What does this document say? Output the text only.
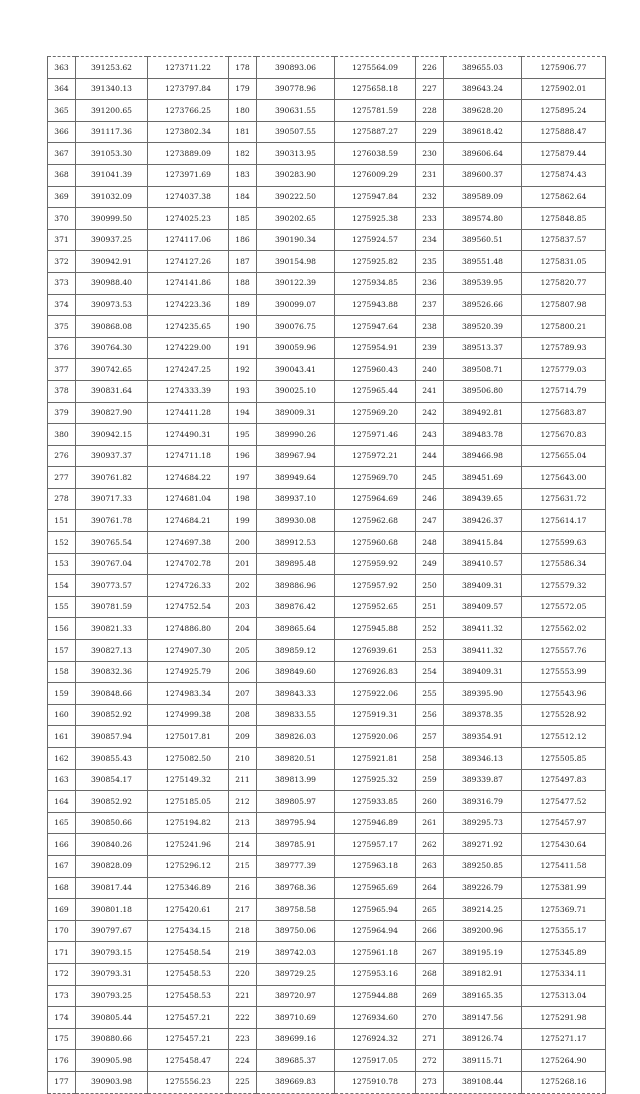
363	391253.62	1273711.22	178	390893.06	1275564.09	226	389655.03	1275906.77
364	391340.13	1273797.84	179	390778.96	1275658.18	227	389643.24	1275902.01
365	391200.65	1273766.25	180	390631.55	1275781.59	228	389628.20	1275895.24
366	391117.36	1273802.34	181	390507.55	1275887.27	229	389618.42	1275888.47
367	391053.30	1273889.09	182	390313.95	1276038.59	230	389606.64	1275879.44
368	391041.39	1273971.69	183	390283.90	1276009.29	231	389600.37	1275874.43
369	391032.09	1274037.38	184	390222.50	1275947.84	232	389589.09	1275862.64
370	390999.50	1274025.23	185	390202.65	1275925.38	233	389574.80	1275848.85
371	390937.25	1274117.06	186	390190.34	1275924.57	234	389560.51	1275837.57
372	390942.91	1274127.26	187	390154.98	1275925.82	235	389551.48	1275831.05
373	390988.40	1274141.86	188	390122.39	1275934.85	236	389539.95	1275820.77
374	390973.53	1274223.36	189	390099.07	1275943.88	237	389526.66	1275807.98
375	390868.08	1274235.65	190	390076.75	1275947.64	238	389520.39	1275800.21
376	390764.30	1274229.00	191	390059.96	1275954.91	239	389513.37	1275789.93
377	390742.65	1274247.25	192	390043.41	1275960.43	240	389508.71	1275779.03
378	390831.64	1274333.39	193	390025.10	1275965.44	241	389506.80	1275714.79
379	390827.90	1274411.28	194	389009.31	1275969.20	242	389492.81	1275683.87
380	390942.15	1274490.31	195	389990.26	1275971.46	243	389483.78	1275670.83
276	390937.37	1274711.18	196	389967.94	1275972.21	244	389466.98	1275655.04
277	390761.82	1274684.22	197	389949.64	1275969.70	245	389451.69	1275643.00
278	390717.33	1274681.04	198	389937.10	1275964.69	246	389439.65	1275631.72
151	390761.78	1274684.21	199	389930.08	1275962.68	247	389426.37	1275614.17
152	390765.54	1274697.38	200	389912.53	1275960.68	248	389415.84	1275599.63
153	390767.04	1274702.78	201	389895.48	1275959.92	249	389410.57	1275586.34
154	390773.57	1274726.33	202	389886.96	1275957.92	250	389409.31	1275579.32
155	390781.59	1274752.54	203	389876.42	1275952.65	251	389409.57	1275572.05
156	390821.33	1274886.80	204	389865.64	1275945.88	252	389411.32	1275562.02
157	390827.13	1274907.30	205	389859.12	1276939.61	253	389411.32	1275557.76
158	390832.36	1274925.79	206	389849.60	1276926.83	254	389409.31	1275553.99
159	390848.66	1274983.34	207	389843.33	1275922.06	255	389395.90	1275543.96
160	390852.92	1274999.38	208	389833.55	1275919.31	256	389378.35	1275528.92
161	390857.94	1275017.81	209	389826.03	1275920.06	257	389354.91	1275512.12
162	390855.43	1275082.50	210	389820.51	1275921.81	258	389346.13	1275505.85
163	390854.17	1275149.32	211	389813.99	1275925.32	259	389339.87	1275497.83
164	390852.92	1275185.05	212	389805.97	1275933.85	260	389316.79	1275477.52
165	390850.66	1275194.82	213	389795.94	1275946.89	261	389295.73	1275457.97
166	390840.26	1275241.96	214	389785.91	1275957.17	262	389271.92	1275430.64
167	390828.09	1275296.12	215	389777.39	1275963.18	263	389250.85	1275411.58
168	390817.44	1275346.89	216	389768.36	1275965.69	264	389226.79	1275381.99
169	390801.18	1275420.61	217	389758.58	1275965.94	265	389214.25	1275369.71
170	390797.67	1275434.15	218	389750.06	1275964.94	266	389200.96	1275355.17
171	390793.15	1275458.54	219	389742.03	1275961.18	267	389195.19	1275345.89
172	390793.31	1275458.53	220	389729.25	1275953.16	268	389182.91	1275334.11
173	390793.25	1275458.53	221	389720.97	1275944.88	269	389165.35	1275313.04
174	390805.44	1275457.21	222	389710.69	1276934.60	270	389147.56	1275291.98
175	390880.66	1275457.21	223	389699.16	1276924.32	271	389126.74	1275271.17
176	390905.98	1275458.47	224	389685.37	1275917.05	272	389115.71	1275264.90
177	390903.98	1275556.23	225	389669.83	1275910.78	273	389108.44	1275268.16
